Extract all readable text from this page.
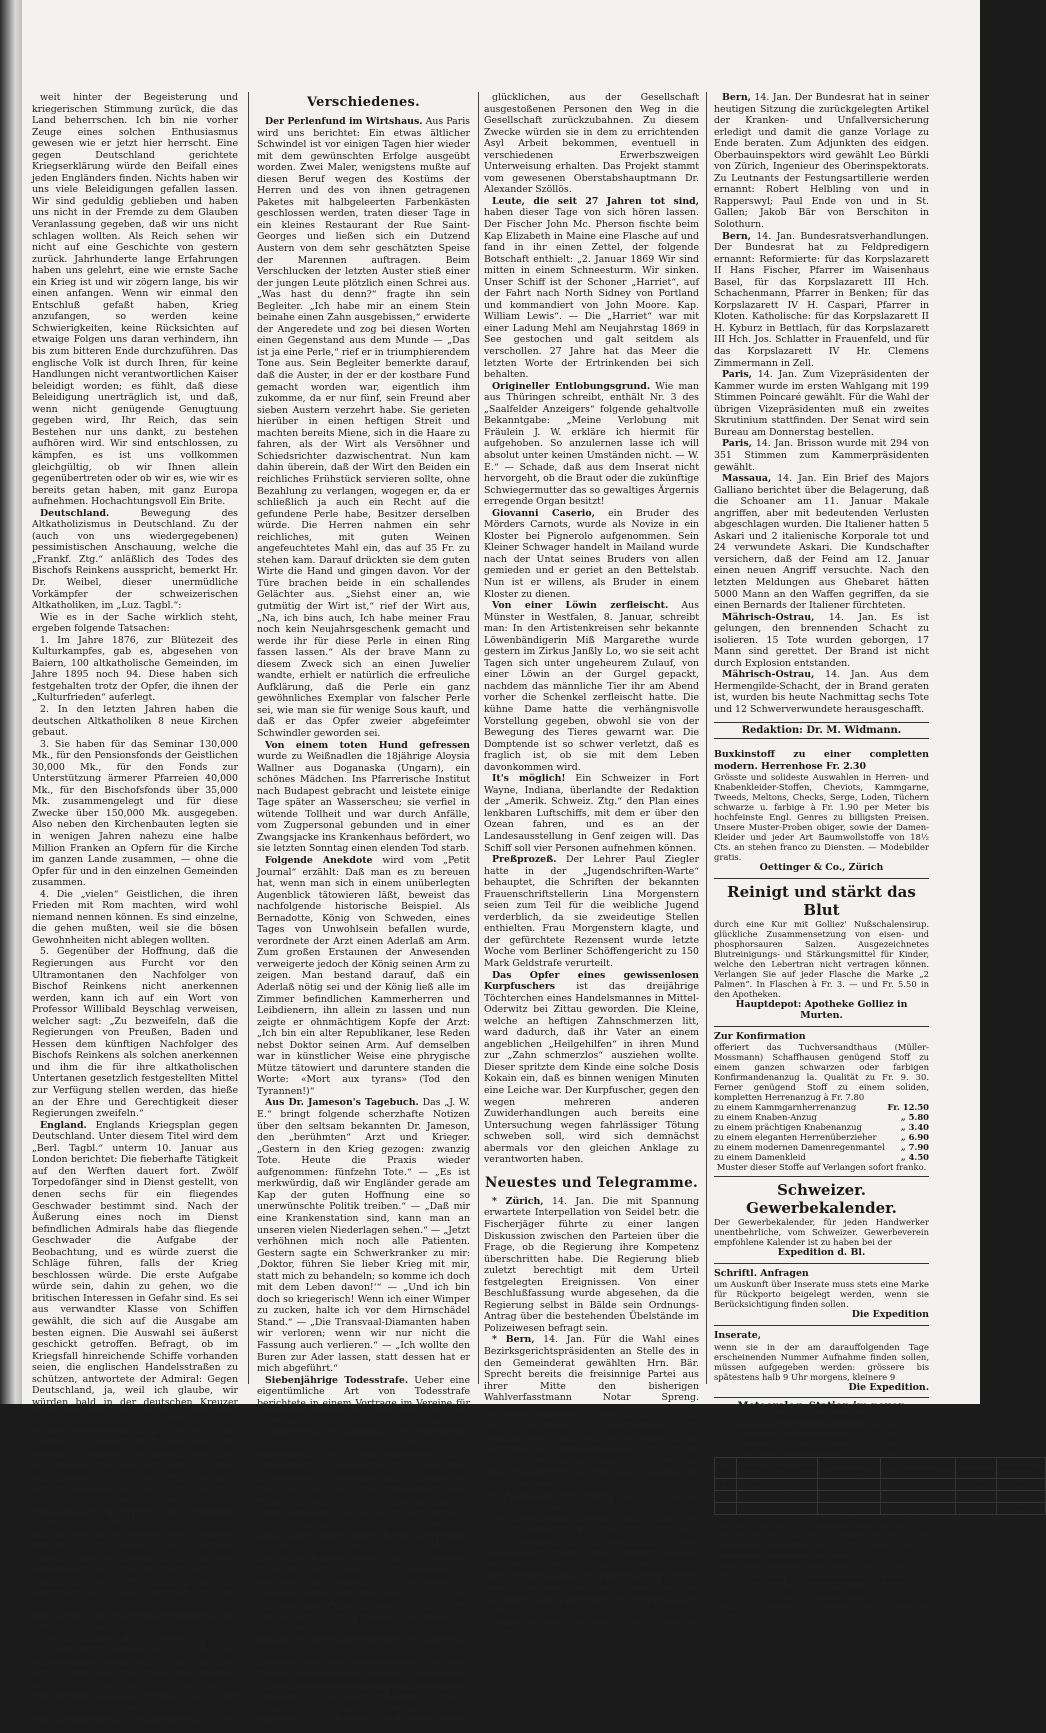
weit hinter der Begeisterung und kriegerischen Stimmung zurück, die das Land beherrschen. Ich bin nie vorher Zeuge eines solchen Enthusiasmus gewesen wie er jetzt hier herrscht. Eine gegen Deutschland gerichtete Kriegserklärung würde den Beifall eines jeden Engländers finden. Nichts haben wir uns viele Beleidigungen gefallen lassen. Wir sind geduldig geblieben und haben uns nicht in der Fremde zu dem Glauben Veranlassung gegeben, daß wir uns nicht schlagen wollten. Als Reich sehen wir nicht auf eine Geschichte von gestern zurück. Jahrhunderte lange Erfahrungen haben uns gelehrt, eine wie ernste Sache ein Krieg ist und wir zögern lange, bis wir einen anfangen. Wenn wir einmal den Entschluß gefaßt haben, Krieg anzufangen, so werden keine Schwierigkeiten, keine Rücksichten auf etwaige Folgen uns daran verhindern, ihn bis zum bitteren Ende durchzuführen. Das englische Volk ist durch Ihren, für keine Handlungen nicht verantwortlichen Kaiser beleidigt worden; es fühlt, daß diese Beleidigung unerträglich ist, und daß, wenn nicht genügende Genugtuung gegeben wird, Ihr Reich, das sein Bestehen nur uns dankt, zu bestehen aufhören wird. Wir sind entschlossen, zu kämpfen, es ist uns vollkommen gleichgültig, ob wir Ihnen allein gegenübertreten oder ob wir es, wie wir es bereits getan haben, mit ganz Europa aufnehmen. Hochachtungsvoll Ein Brite.

Deutschland.	Bewegung des Altkatholizismus in Deutschland. Zu der (auch von uns wiedergegebenen) pessimistischen Anschauung, welche die „Frankf. Ztg.“ anläßlich des Todes des Bischofs Reinkens ausspricht, bemerkt Hr. Dr. Weibel, dieser unermüdliche Vorkämpfer der schweizerischen Altkatholiken, im „Luz. Tagbl.“:

Wie es in der Sache wirklich steht, ergeben folgende Tatsachen:

1. Im Jahre 1876, zur Blütezeit des Kulturkampfes, gab es, abgesehen von Baiern, 100 altkatholische Gemeinden, im Jahre 1895 noch 94. Diese haben sich festgehalten trotz der Opfer, die ihnen der „Kulturfrieden“ auferlegt.

2. In den letzten Jahren haben die deutschen Altkatholiken 8 neue Kirchen gebaut.

3. Sie haben für das Seminar 130,000 Mk., für den Pensionsfonds der Geistlichen 30,000 Mk., für den Fonds zur Unterstützung ärmerer Pfarreien 40,000 Mk., für den Bischofsfonds über 35,000 Mk. zusammengelegt und für diese Zwecke über 150,000 Mk. ausgegeben. Also neben den Kirchenbauten legten sie in wenigen Jahren nahezu eine halbe Million Franken an Opfern für die Kirche im ganzen Lande zusammen, — ohne die Opfer für und in den einzelnen Gemeinden zusammen.

4. Die „vielen“ Geistlichen, die ihren Frieden mit Rom machten, wird wohl niemand nennen können. Es sind einzelne, die gehen mußten, weil sie die bösen Gewohnheiten nicht ablegen wollten.

5. Gegenüber der Hoffnung, daß die Regierungen aus Furcht vor den Ultramontanen den Nachfolger von Bischof Reinkens nicht anerkennen werden, kann ich auf ein Wort von Professor Willibald Beyschlag verweisen, welcher sagt: „Zu bezweifeln, daß die Regierungen von Preußen, Baden und Hessen dem künftigen Nachfolger des Bischofs Reinkens als solchen anerkennen und ihm die für ihre altkatholischen Untertanen gesetzlich festgestellten Mittel zur Verfügung stellen werden, das hieße an der Ehre und Gerechtigkeit dieser Regierungen zweifeln.“

England. Englands Kriegsplan gegen Deutschland. Unter diesem Titel wird dem „Berl. Tagbl.“ unterm 10. Januar aus London berichtet: Die fieberhafte Tätigkeit auf den Werften dauert fort. Zwölf Torpedofänger sind in Dienst gestellt, von denen sechs für ein fliegendes Geschwader bestimmt sind. Nach der Äußerung eines noch im Dienst befindlichen Admirals habe das fliegende Geschwader die Aufgabe der Beobachtung, und es würde zuerst die Schläge führen, falls der Krieg beschlossen würde. Die erste Aufgabe würde sein, dahin zu gehen, wo die britischen Interessen in Gefahr sind. Es sei aus verwandter Klasse von Schiffen gewählt, die sich auf die Ausgabe am besten eignen. Die Auswahl sei äußerst geschickt getroffen. Befragt, ob im Kriegsfall hinreichende Schiffe vorhanden seien, die englischen Handelsstraßen zu schützen, antwortete der Admiral: Gegen Deutschland, ja, weil ich glaube, wir würden bald in der deutschen Kreuzer beteiligen, und weil, wenn Deutschland unsere Handelsschiffe angriffe, es große Schwierigkeiten finden würde, sich mit Kohlen zu versehen, da Deutschland keine Kohlenstationen habe. Der Admiral glaubt, im Kriegsfalle würde die Ostsee blockiert werden, und der erste Zusammenstoß würde entweder auf der Höhe der Elbe oder bei Kiel stattfinden. Die deutschen Besitzungen in Afrika und Neuguinea würden von der Kapkolonie und Australien aus bald in Englands Hände fallen. Auf die frühere Chefbaumeister, Sir Nathaniel Barnaby, wurde über die Bereitschaft der englischen Flotte befragt und erklärt, er glaube nicht, daß die Nation wisse, wie groß die Stärke ihrer Flotte sei. Die Zahl der Schiffe sei so rasch gewachsen, daß man sie sich gar nicht rasch genug an die Arbeit halten könne. Im Regierungsministerium fanden verschiedene Konferenzen statt, und wie man behauptet, sind alle Eventualitäten für die Mobilmachung eines Marinekorps vorgesehen. Auch der Höchstkommandierende und sein Stab sind entnommen. Die Stimmung gegen Deutschland ist noch immer erbittert.

Verschiedenes.

Der Perlenfund im Wirtshaus. Aus Paris wird uns berichtet: Ein etwas ältlicher Schwindel ist vor einigen Tagen hier wieder mit dem gewünschten Erfolge ausgeübt worden. Zwei Maler, wenigstens mußte auf diesen Beruf wegen des Kostüms der Herren und des von ihnen getragenen Paketes mit halbgeleerten Farbenkästen geschlossen werden, traten dieser Tage in ein kleines Restaurant der Rue Saint-Georges und ließen sich ein Dutzend Austern von dem sehr geschätzten Speise der Marennen auftragen. Beim Verschlucken der letzten Auster stieß einer der jungen Leute plötzlich einen Schrei aus. „Was hast du denn?“ fragte ihn sein Begleiter. „Ich habe mir an einem Stein beinahe einen Zahn ausgebissen,“ erwiderte der Angeredete und zog bei diesen Worten einen Gegenstand aus dem Munde — „Das ist ja eine Perle,“ rief er in triumphierendem Tone aus. Sein Begleiter bemerkte darauf, daß die Auster, in der er der kostbare Fund gemacht worden war, eigentlich ihm zukomme, da er nur fünf, sein Freund aber sieben Austern verzehrt habe. Sie gerieten hierüber in einen heftigen Streit und machten bereits Miene, sich in die Haare zu fahren, als der Wirt als Versöhner und Schiedsrichter dazwischentrat. Nun kam dahin überein, daß der Wirt den Beiden ein reichliches Frühstück servieren sollte, ohne Bezahlung zu verlangen, wogegen er, da er schließlich ja auch ein Recht auf die gefundene Perle habe, Besitzer derselben würde. Die Herren nahmen ein sehr reichliches, mit guten Weinen angefeuchtetes Mahl ein, das auf 35 Fr. zu stehen kam. Darauf drückten sie dem guten Wirte die Hand und gingen davon. Vor der Türe brachen beide in ein schallendes Gelächter aus. „Siehst einer an, wie gutmütig der Wirt ist,“ rief der Wirt aus, „Na, ich bins auch, Ich habe meiner Frau noch kein Neujahrsgeschenk gemacht und werde ihr für diese Perle in einen Ring fassen lassen.“ Als der brave Mann zu diesem Zweck sich an einen Juwelier wandte, erhielt er natürlich die erfreuliche Aufklärung, daß die Perle ein ganz gewöhnliches Exemplar von falscher Perle sei, wie man sie für wenige Sous kauft, und daß er das Opfer zweier abgefeimter Schwindler geworden sei.

Von einem toten Hund gefressen wurde zu Weißnadlen die 18jährige Aloysia Wallner aus Doganaska (Ungarn), ein schönes Mädchen. Ins Pfarrerische Institut nach Budapest gebracht und leistete einige Tage später an Wasserscheu; sie verfiel in wütende Tollheit und war durch Anfälle, vom Zugpersonal gebunden und in einer Zwangsjacke ins Krankenhaus befördert, wo sie letzten Sonntag einen elenden Tod starb.

Folgende Anekdote wird vom „Petit Journal“ erzählt: Daß man es zu bereuen hat, wenn man sich in einem unüberlegten Augenblick tätowieren läßt, beweist das nachfolgende historische Beispiel. Als Bernadotte, König von Schweden, eines Tages von Unwohlsein befallen wurde, verordnete der Arzt einen Aderlaß am Arm. Zum großen Erstaunen der Anwesenden verweigerte jedoch der König seinen Arm zu zeigen. Man bestand darauf, daß ein Aderlaß nötig sei und der König ließ alle im Zimmer befindlichen Kammerherren und Leibdienern, ihn allein zu lassen und nun zeigte er ohnmächtigem Kopfe der Arzt: „Ich bin ein alter Republikaner, lese Reden nebst Doktor seinen Arm. Auf demselben war in künstlicher Weise eine phrygische Mütze tätowiert und daruntere standen die Worte: «Mort aux tyrans» (Tod den Tyrannen!)“

Aus Dr. Jameson's Tagebuch. Das „J. W. E.“ bringt folgende scherzhafte Notizen über den seltsam bekannten Dr. Jameson, den „berühmten“ Arzt und Krieger. „Gestern in den Krieg gezogen: zwanzig Tote. Heute die Praxis wieder aufgenommen: fünfzehn Tote.“ — „Es ist merkwürdig, daß wir Engländer gerade am Kap der guten Hoffnung eine so unerwünschte Politik treiben.“ — „Daß mir eine Krankenstation sind, kann man an unseren vielen Niederlagen sehen.“ — „Jetzt verhöhnen mich noch alle Patienten. Gestern sagte ein Schwerkranker zu mir: ‚Doktor, führen Sie lieber Krieg mit mir, statt mich zu behandeln; so komme ich doch mit dem Leben davon!‘“ — „Und ich bin doch so kriegerisch! Wenn ich einer Wimper zu zucken, halte ich vor dem Hirnschädel Stand.“ — „Die Transvaal-Diamanten haben wir verloren; wenn wir nur nicht die Fassung auch verlieren.“ — „Ich wollte den Buren zur Ader lassen, statt dessen hat er mich abgeführt.“

Siebenjährige Todesstrafe. Ueber eine eigentümliche Art von Todesstrafe berichtete in einem Vortrage im Vereine für Landesgeographie nach der Voss. Ztg. Herr v. Hammeln, der unlängst im japanischen Kriege die chinesische Nordarmee befehligte. Der Maschinendirektor in Tientsin sei stets als einer der am härtesten verdammten chinesischen Todesstrafe verurteilt. Das heißt, er kommt sieben Jahre lang auf die Liste der Todeskandidaten. Diese Liste wird dem Kaiser zweimal im Jahre vorgelegt und wenn er den Tod nicht durch den roten Pinsel nach Gutdünken einen oder zwei Namen, an deren Trägern die Strafe durch Köpfen oder Erdrosseln vollstreckt wird. Hat Jener das Glück, während der sieben Jahre übersehen zu werden, so ist er begnadigt.

Netter Herr. Aus Straßburg i. E., 5. Jan., meldet man: Der Leiter der Anstalt für Epileptiker in Kork, Pfarrer Wiederhold, ist wegen Sittlichkeitsverbrechen, begangen an seinen Pfleglingen, gestern Abend auf Veranlassung des Staatsanwalts verhaftet worden.

Eine menschenfreundliche Institution, das „Asyl der gefallenen Frauen“, soll in Budapest errichtet werden. Recht ohnerlich! — Es handelt sich darum, diesen un-

glücklichen, aus der Gesellschaft ausgestoßenen Personen den Weg in die Gesellschaft zurückzubahnen. Zu diesem Zwecke würden sie in dem zu errichtenden Asyl Arbeit bekommen, eventuell in verschiedenen Erwerbszweigen Unterweisung erhalten. Das Projekt stammt vom gewesenen Oberstabshauptmann Dr. Alexander Szöllös.

Leute, die seit 27 Jahren tot sind, haben dieser Tage von sich hören lassen. Der Fischer John Mc. Pherson fischte beim Kap Elizabeth in Maine eine Flasche auf und fand in ihr einen Zettel, der folgende Botschaft enthielt: „2. Januar 1869 Wir sind mitten in einem Schneesturm. Wir sinken. Unser Schiff ist der Schoner „Harriet“, auf der Fahrt nach North Sidney von Portland und kommandiert von John Moore. Kap. William Lewis“. — Die „Harriet“ war mit einer Ladung Mehl am Neujahrstag 1869 in See gestochen und galt seitdem als verschollen. 27 Jahre hat das Meer die letzten Worte der Ertrinkenden bei sich behalten.

Origineller Entlobungsgrund. Wie man aus Thüringen schreibt, enthält Nr. 3 des „Saalfelder Anzeigers“ folgende gehaltvolle Bekanntgabe: „Meine Verlobung mit Fräulein J. W. erkläre ich hiermit für aufgehoben. So anzulernen lasse ich will absolut unter keinen Umständen nicht. — W. E.“ — Schade, daß aus dem Inserat nicht hervorgeht, ob die Braut oder die zukünftige Schwiegermutter das so gewaltiges Ärgernis erregende Organ besitzt!

Giovanni Caserio, ein Bruder des Mörders Carnots, wurde als Novize in ein Kloster bei Pignerolo aufgenommen. Sein Kleiner Schwager handelt in Mailand wurde nach der Untat seines Bruders von allen gemieden und er geriet an den Bettelstab. Nun ist er willens, als Bruder in einem Kloster zu dienen.

Von einer Löwin zerfleischt. Aus Münster in Westfalen, 8. Januar, schreibt man: In den Artistenkreisen sehr bekannte Löwenbändigerin Miß Margarethe wurde gestern im Zirkus Janßly Lo, wo sie seit acht Tagen sich unter ungeheurem Zulauf, von einer Löwin an der Gurgel gepackt, nachdem das männliche Tier ihr am Abend vorher die Schenkel zerfleischt hatte. Die kühne Dame hatte die verhängnisvolle Vorstellung gegeben, obwohl sie von der Bewegung des Tieres gewarnt war. Die Domptende ist so schwer verletzt, daß es fraglich ist, ob sie mit dem Leben davonkommen wird.

It's möglich! Ein Schweizer in Fort Wayne, Indiana, überlandte der Redaktion der „Amerik. Schweiz. Ztg.“ den Plan eines lenkbaren Luftschiffs, mit dem er über den Ozean fahren, und es an der Landesausstellung in Genf zeigen will. Das Schiff soll vier Personen aufnehmen können.

Preßprozeß. Der Lehrer Paul Ziegler hatte in der „Jugendschriften-Warte“ behauptet, die Schriften der bekannten Frauenschriftstellerin Lina Morgenstern seien zum Teil für die weibliche Jugend verderblich, da sie zweideutige Stellen enthielten. Frau Morgenstern klagte, und der gefürchtete Rezensent wurde letzte Woche vom Berliner Schöffengericht zu 150 Mark Geldstrafe verurteilt.

Das Opfer eines gewissenlosen Kurpfuschers ist das dreijährige Töchterchen eines Handelsmannes in Mittel-Oderwitz bei Zittau geworden. Die Kleine, welche an heftigen Zahnschmerzen litt, ward dadurch, daß ihr Vater an einem angeblichen „Heilgehilfen“ in ihren Mund zur „Zahn schmerzlos“ ausziehen wollte. Dieser spritzte dem Kinde eine solche Dosis Kokain ein, daß es binnen wenigen Minuten eine Leiche war. Der Kurpfuscher, gegen den wegen mehreren anderen Zuwiderhandlungen auch bereits eine Untersuchung wegen fahrlässiger Tötung schweben soll, wird sich demnächst abermals vor den gleichen Anklage zu verantworten haben.

Neuestes und Telegramme.

* Zürich, 14. Jan. Die mit Spannung erwartete Interpellation von Seidel betr. die Fischerjäger führte zu einer langen Diskussion zwischen den Parteien über die Frage, ob die Regierung ihre Kompetenz überschritten habe. Die Regierung blieb zuletzt berechtigt mit dem Urteil festgelegten Ereignissen. Von einer Beschlußfassung wurde abgesehen, da die Regierung selbst in Bälde sein Ordnungs-Antrag über die bestehenden Übelstände im Polizeiwesen befragt sein.

* Bern, 14. Jan. Für die Wahl eines Bezirksgerichtspräsidenten an Stelle des in den Gemeinderat gewählten Hrn. Bär. Sprecht bereits die freisinnige Partei aus ihrer Mitte den bisherigen Wahlverfasstmann Notar Spreng. Betreibungsbeamter in Bern.

* St. Gallen, 14. Jan. In seiner heutigen Sitzung beschloß der Verwaltungsrat der Vereinigten Schweizerbahnen, in das Budget pro 1896 für Lohnerhöhungen Fr. 150,000 und für Rebenausgaben Fr. 15,000 und einen weiteren Kredit für eine Vermehrung für. Fr. 80,000 einzusetzen.

* Delsberg, 14. Jan. Beim Holzfahren wurde am Montag abend Adolf Forno von Delsberg von seinem Pferde erschlagen.

* Liestal, 14. Jan. In einer Expropriationsstreitigkeit zwischen den Gemeinden Liestal und einem Privaten (Weinhändler Sch.) betreffend Erweiterung des Friedhofsareals hat der Landrat zugunsten der Gemeinde entschieden. Die Gemeinde muß aber für 30,000 und andere Schwierigkeiten ergeben die Leistung bleiben.

Bern, 14. Jan. Der Bundesrat hat in seiner heutigen Sitzung die zurückgelegten Artikel der Kranken- und Unfallversicherung erledigt und damit die ganze Vorlage zu Ende beraten. Zum Adjunkten des eidgen. Oberbauinspektors wird gewählt Leo Bürkli von Zürich, Ingenieur des Oberinspektorats. Zu Leutnants der Festungsartillerie werden ernannt: Robert Helbling von und in Rapperswyl; Paul Ende von und in St. Gallen; Jakob Bär von Berschiton in Solothurn.

Bern, 14. Jan. Bundesratsverhandlungen. Der Bundesrat hat zu Feldpredigern ernannt: Reformierte: für das Korpslazarett II Hans Fischer, Pfarrer im Waisenhaus Basel, für das Korpslazarett III Hch. Schachenmann, Pfarrer in Benken; für das Korpslazarett IV H. Caspari, Pfarrer in Kloten. Katholische: für das Korpslazarett II H. Kyburz in Bettlach, für das Korpslazarett III Hch. Jos. Schlatter in Frauenfeld, und für das Korpslazarett IV Hr. Clemens Zimmermann in Zell.

Paris, 14. Jan. Zum Vizepräsidenten der Kammer wurde im ersten Wahlgang mit 199 Stimmen Poincaré gewählt. Für die Wahl der übrigen Vizepräsidenten muß ein zweites Skrutinium stattfinden. Der Senat wird sein Bureau am Donnerstag bestellen.

Paris, 14. Jan. Brisson wurde mit 294 von 351 Stimmen zum Kammerpräsidenten gewählt.

Massaua, 14. Jan. Ein Brief des Majors Galliano berichtet über die Belagerung, daß die Schoaner am 11. Januar Makale angriffen, aber mit bedeutenden Verlusten abgeschlagen wurden. Die Italiener hatten 5 Askari und 2 italienische Korporale tot und 24 verwundete Askari. Die Kundschafter versichern, daß der Feind am 12. Januar einen neuen Angriff versuchte. Nach den letzten Meldungen aus Ghebaret hätten 5000 Mann an den Waffen gegriffen, da sie einen Bernards der Italiener fürchteten.

Mährisch-Ostrau, 14. Jan. Es ist gelungen, den brennenden Schacht zu isolieren. 15 Tote wurden geborgen, 17 Mann sind gerettet. Der Brand ist nicht durch Explosion entstanden.

Mährisch-Ostrau, 14. Jan. Aus dem Hermengilde-Schacht, der in Brand geraten ist, wurden bis heute Nachmittag sechs Tote und 12 Schwerverwundete herausgeschafft.

Redaktion: Dr. M. Widmann.
Buxkinstoff zu einer completten modern. Herrenhose Fr. 2.30
Grösste und solideste Auswahlen in Herren- und Knabenkleider-Stoffen, Cheviots, Kammgarne, Tweeds, Meltons, Checks, Serge, Loden, Tüchern schwarze u. farbige à Fr. 1.90 per Meter bis hochfeinste Engl. Genres zu billigsten Preisen. Unsere Muster-Proben obiger, sowie der Damen-Kleider und jeder Art Baumwollstoffe von 18½ Cts. an stehen franco zu Diensten. — Modebilder gratis.
Oettinger & Co., Zürich
Reinigt und stärkt das Blut
durch eine Kur mit Golliez' Nußschalensirup. glückliche Zusammensetzung von eisen- und phosphorsauren Salzen. Ausgezeichnetes Blutreinigungs- und Stärkungsmittel für Kinder, welche den Lebertran nicht vertragen können. Verlangen Sie auf jeder Flasche die Marke „2 Palmen“. In Flaschen à Fr. 3. — und Fr. 5.50 in den Apotheken.
Hauptdepot: Apotheke Golliez in Murten.
Zur Konfirmation
offeriert das Tuchversandthaus (Müller-Mossmann) Schaffhausen genügend Stoff zu einem ganzen schwarzen oder farbigen Konfirmandenanzug la. Qualität zu Fr. 9. 30. Ferner genügend Stoff zu einem soliden, kompletten Herrenanzug à Fr. 7.80
zu einem Kammgarnherrenanzug	Fr. 12.50
zu einem Knaben-Anzug	„ 5.80
zu einem prächtigen Knabenanzug	„ 3.40
zu einem eleganten Herrenüberzieher	„ 6.90
zu einem modernen Damenregenmantel „ 7.90
zu einem Damenkleid	„ 4.50
Muster dieser Stoffe auf Verlangen sofort franko.
Schweizer. Gewerbekalender.
Der Gewerbekalender, für jeden Handwerker unentbehrliche, vom Schweizer. Gewerbeverein empfohlene Kalender ist zu haben bei der
Expedition d. Bl.
Schriftl. Anfragen
um Auskunft über Inserate muss stets eine Marke für Rückporto beigelegt werden, wenn sie Berücksichtigung finden sollen.
Die Expedition
Inserate,
wenn sie in der am darauffolgenden Tage erscheinenden Nummer Aufnahme finden sollen, müssen aufgegeben werden: grössere bis spätestens halb 9 Uhr morgens, kleinere 9
Die Expedition.
Meteorolog. Station im neuen Quartier, Aarau.
Meereshöhe des Beobachtungsortes 396,7 m.
Mittlerer Barometerstand 727,8 mm.
Mittlere Jahrestemperatur + 8,2 Cels.
Jan.	Beobachtungszeit	Thermometer Celsius	Barometerstand in mm.	Wind-richtung	Witterung
14.	Mitt. 1 Uhr 30	0,5	716.7 / 753,8	SW₁	bed.
14.	Abds. 9 Uhr 30	0,2	717,5 / 754,2	SW₁	bed.
15.	Mrg. 7 Uhr 30	0,0	718,5 / 756,5	W₁	bed.
Angaben der bei d. Extremthermometer während der 24 Stunden, abgelesen gestern Abend 9 Uhr 30 Min. Minimum 0,7 C. Maximum 0,6 C. Temperatur-Minimum der letzten Nacht 0,6 C. Niederschl. gemess. heute früh 7 Uhr 30 Min. 0,1 mm
Zürcher Witterungsaussichten
vom 15. Januar 1896.
Trübes, unstetes Tauwetter mit zeitweisen Niederschlägen.
